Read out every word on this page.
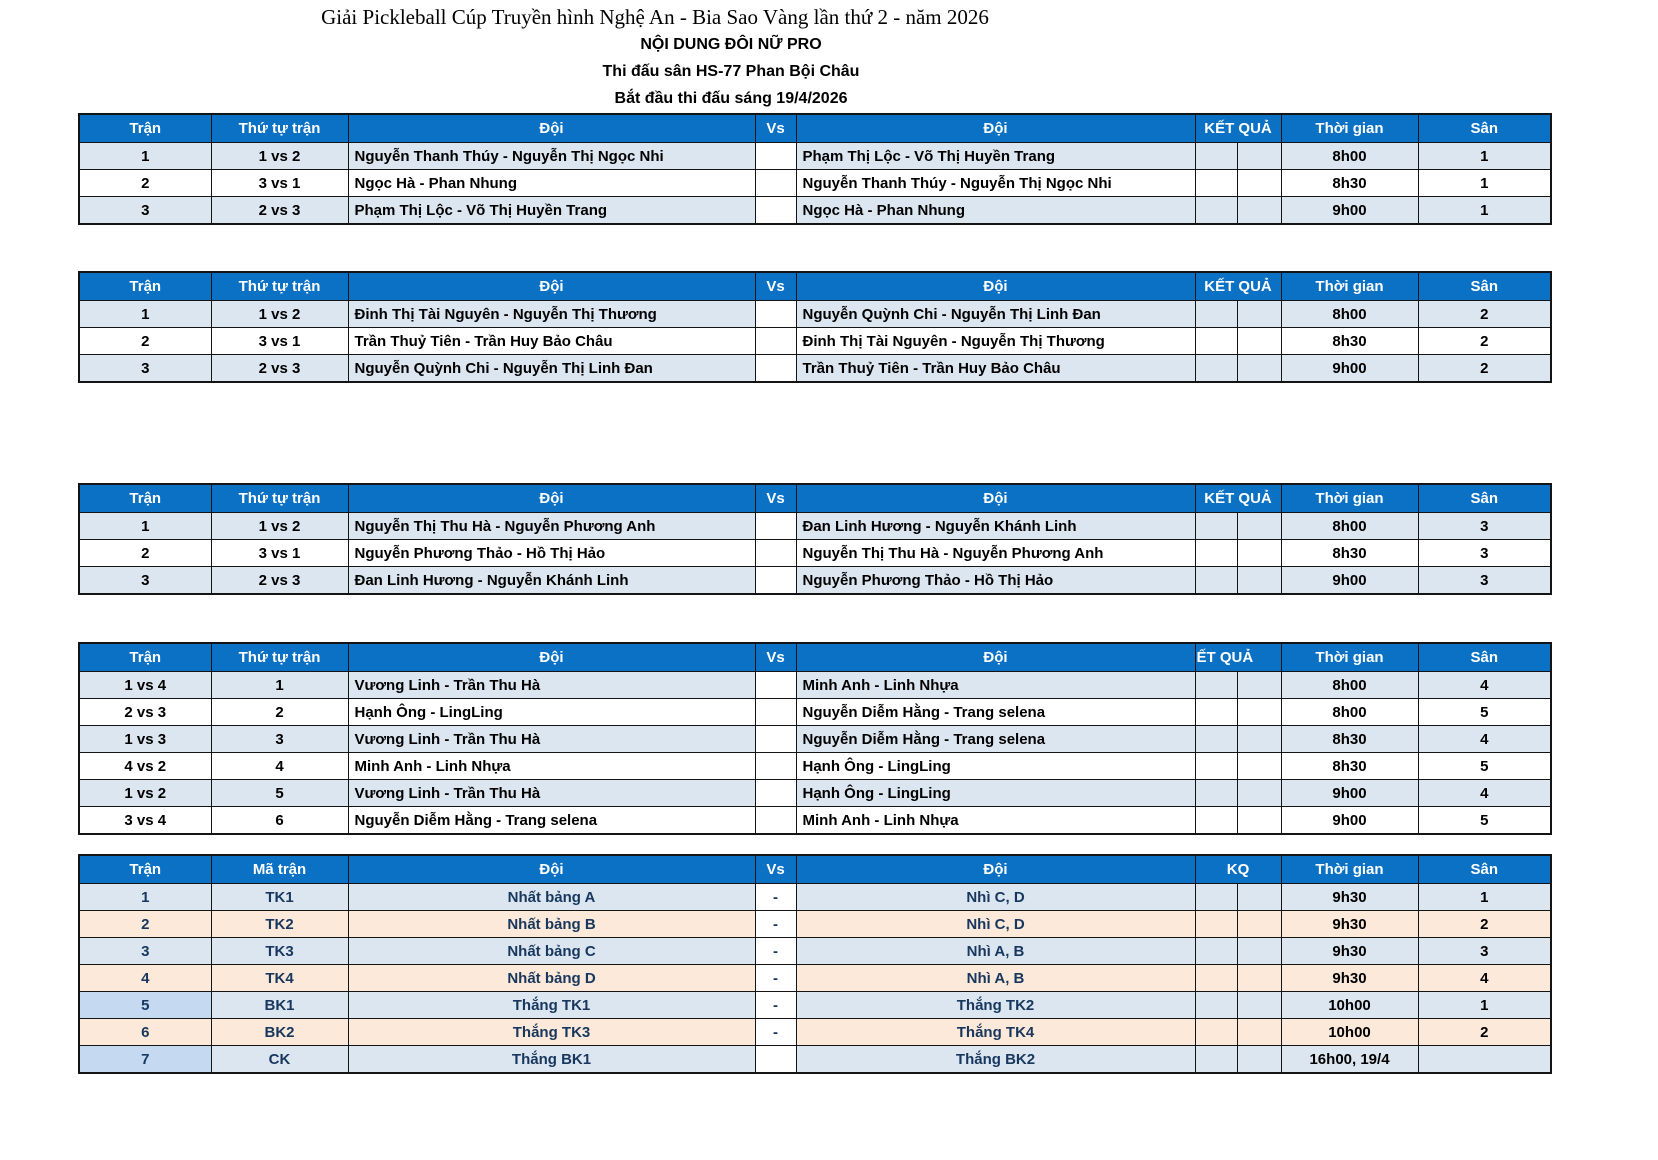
Giải Pickleball Cúp Truyền hình Nghệ An - Bia Sao Vàng lần thứ 2 - năm 2026
NỘI DUNG ĐÔI NỮ PRO
Thi đấu sân HS-77 Phan Bội Châu
Bắt đầu thi đấu sáng 19/4/2026
Trận	Thứ tự trận	Đội	Vs	Đội	KẾT QUẢ		Thời gian	Sân
1	1 vs 2	Nguyễn Thanh Thúy - Nguyễn Thị Ngọc Nhi		Phạm Thị Lộc - Võ Thị Huyền Trang			8h00	1
2	3 vs 1	Ngọc Hà - Phan Nhung		Nguyễn Thanh Thúy - Nguyễn Thị Ngọc Nhi			8h30	1
3	2 vs 3	Phạm Thị Lộc - Võ Thị Huyền Trang		Ngọc Hà - Phan Nhung			9h00	1
Trận	Thứ tự trận	Đội	Vs	Đội	KẾT QUẢ		Thời gian	Sân
1	1 vs 2	Đinh Thị Tài Nguyên - Nguyễn Thị Thương		Nguyễn Quỳnh Chi - Nguyễn Thị Linh Đan			8h00	2
2	3 vs 1	Trần Thuỷ Tiên - Trần Huy Bảo Châu		Đinh Thị Tài Nguyên - Nguyễn Thị Thương			8h30	2
3	2 vs 3	Nguyễn Quỳnh Chi - Nguyễn Thị Linh Đan		Trần Thuỷ Tiên - Trần Huy Bảo Châu			9h00	2
Trận	Thứ tự trận	Đội	Vs	Đội	KẾT QUẢ		Thời gian	Sân
1	1 vs 2	Nguyễn Thị Thu Hà - Nguyễn Phương Anh		Đan Linh Hương - Nguyễn Khánh Linh			8h00	3
2	3 vs 1	Nguyễn Phương Thảo - Hồ Thị Hảo		Nguyễn Thị Thu Hà - Nguyễn Phương Anh			8h30	3
3	2 vs 3	Đan Linh Hương - Nguyễn Khánh Linh		Nguyễn Phương Thảo - Hồ Thị Hảo			9h00	3
Trận	Thứ tự trận	Đội	Vs	Đội	ẾT QUẢ		Thời gian	Sân
1 vs 4	1	Vương Linh - Trần Thu Hà		Minh Anh - Linh Nhựa			8h00	4
2 vs 3	2	Hạnh Ông - LingLing		Nguyễn Diễm Hằng - Trang selena			8h00	5
1 vs 3	3	Vương Linh - Trần Thu Hà		Nguyễn Diễm Hằng - Trang selena			8h30	4
4 vs 2	4	Minh Anh - Linh Nhựa		Hạnh Ông - LingLing			8h30	5
1 vs 2	5	Vương Linh - Trần Thu Hà		Hạnh Ông - LingLing			9h00	4
3 vs 4	6	Nguyễn Diễm Hằng - Trang selena		Minh Anh - Linh Nhựa			9h00	5
Trận	Mã trận	Đội	Vs	Đội	KQ		Thời gian	Sân
1	TK1	Nhất bảng A	-	Nhì C, D			9h30	1
2	TK2	Nhất bảng B	-	Nhì C, D			9h30	2
3	TK3	Nhất bảng C	-	Nhì A, B			9h30	3
4	TK4	Nhất bảng D	-	Nhì A, B			9h30	4
5	BK1	Thắng TK1	-	Thắng TK2			10h00	1
6	BK2	Thắng TK3	-	Thắng TK4			10h00	2
7	CK	Thắng BK1		Thắng BK2			16h00, 19/4	
